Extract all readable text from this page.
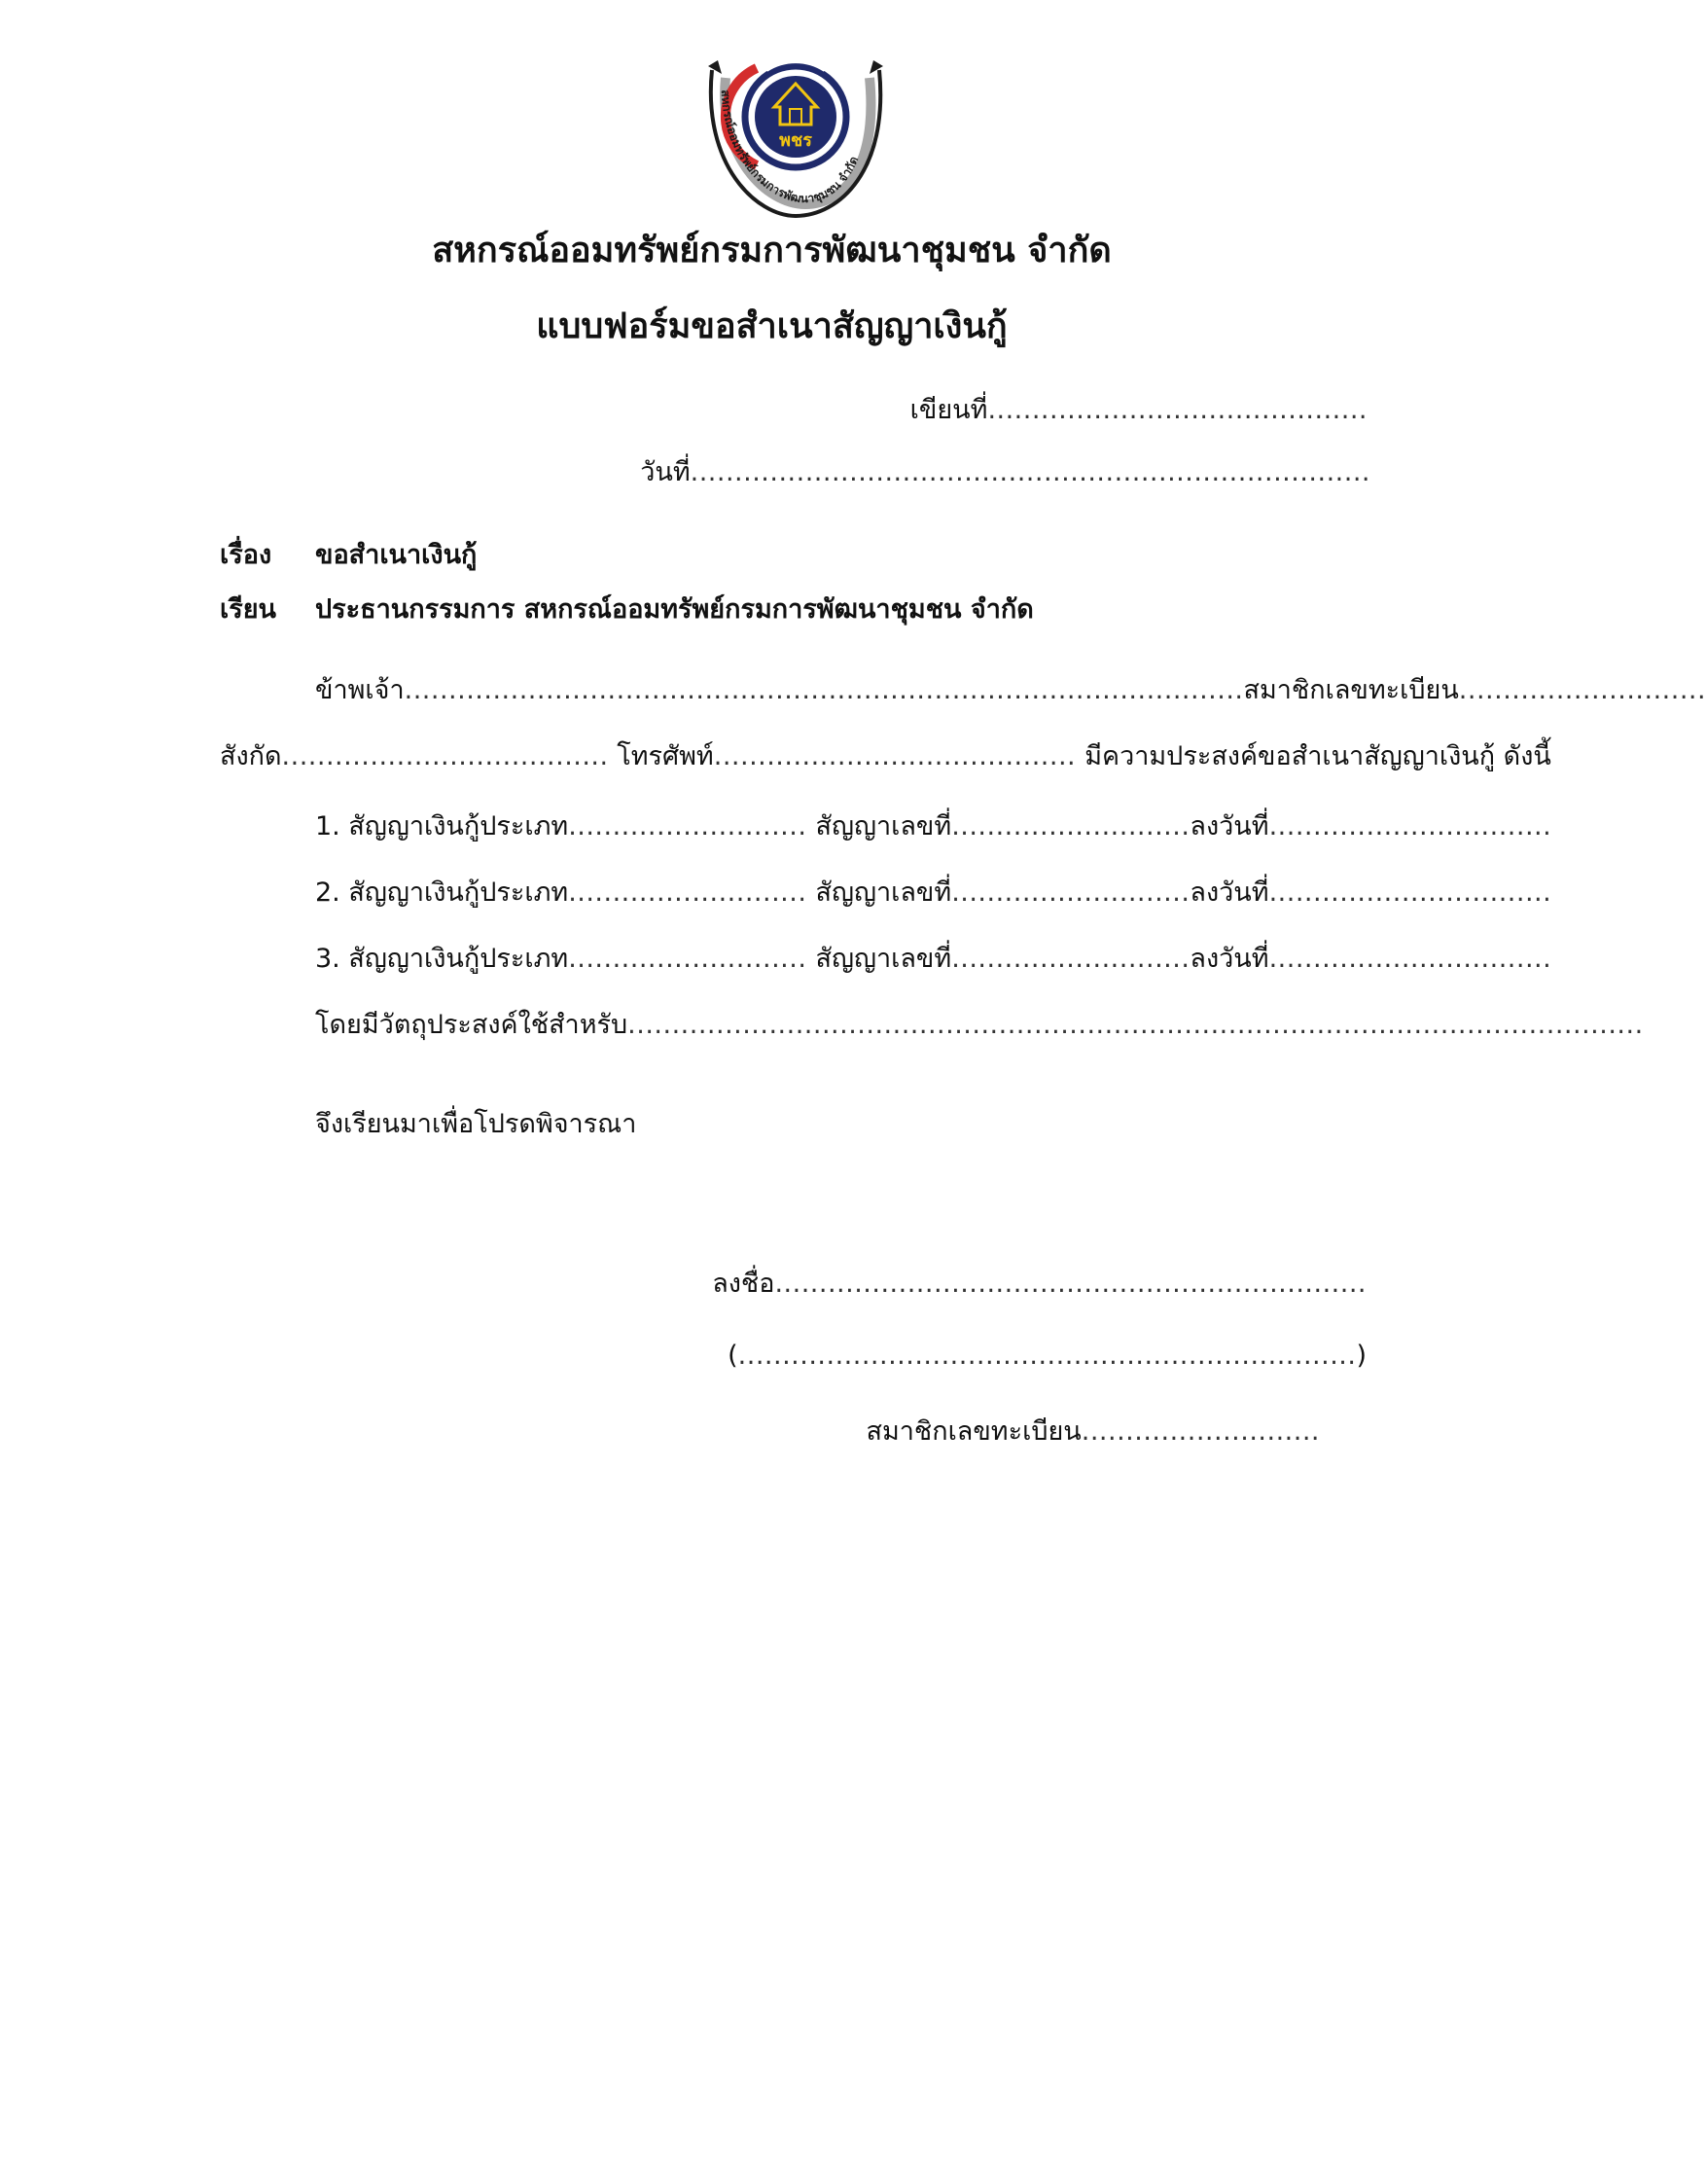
พชร
สหกรณ์ออมทรัพย์กรมการพัฒนาชุมชน จำกัด
สหกรณ์ออมทรัพย์กรมการพัฒนาชุมชน จำกัด
แบบฟอร์มขอสำเนาสัญญาเงินกู้
เขียนที่...........................................
วันที่.............................................................................
เรื่อง ขอสำเนาเงินกู้
เรียน ประธานกรรมการ สหกรณ์ออมทรัพย์กรมการพัฒนาชุมชน จำกัด
ข้าพเจ้า...............................................................................................สมาชิกเลขทะเบียน............................
สังกัด..................................... โทรศัพท์......................................... มีความประสงค์ขอสำเนาสัญญาเงินกู้ ดังนี้
1. สัญญาเงินกู้ประเภท........................... สัญญาเลขที่...........................ลงวันที่................................
2. สัญญาเงินกู้ประเภท........................... สัญญาเลขที่...........................ลงวันที่................................
3. สัญญาเงินกู้ประเภท........................... สัญญาเลขที่...........................ลงวันที่................................
โดยมีวัตถุประสงค์ใช้สำหรับ...................................................................................................................
จึงเรียนมาเพื่อโปรดพิจารณา
ลงชื่อ...................................................................
(......................................................................)
สมาชิกเลขทะเบียน...........................
